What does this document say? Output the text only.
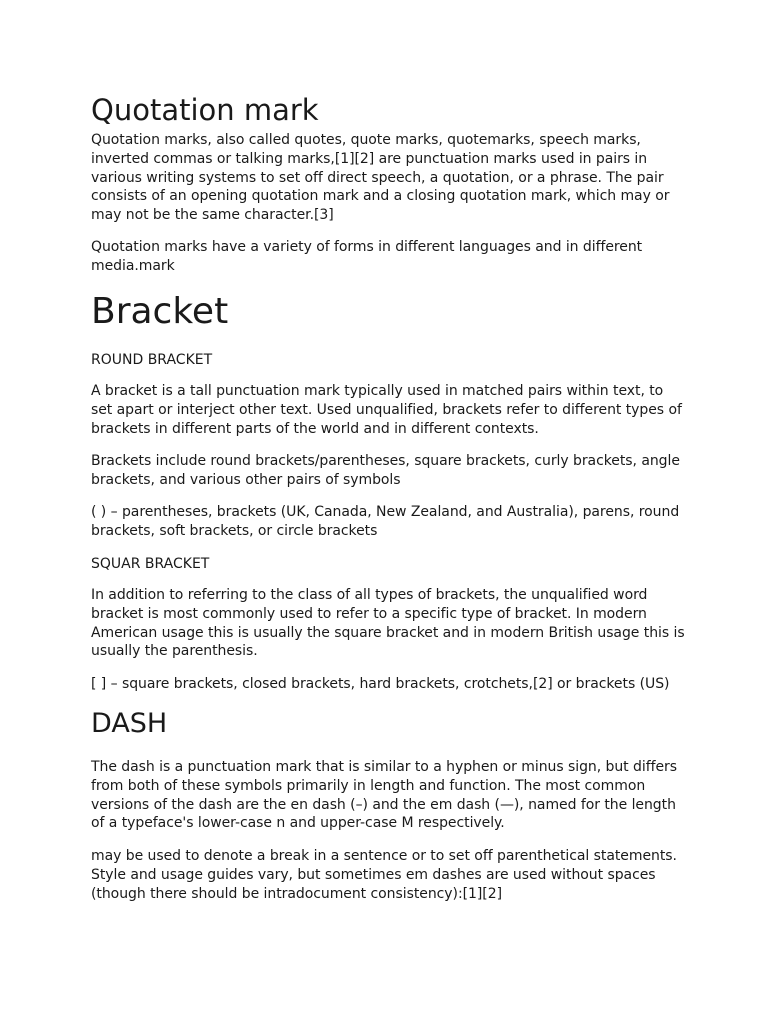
Quotation mark

Quotation marks, also called quotes, quote marks, quotemarks, speech marks, inverted commas or talking marks,[1][2] are punctuation marks used in pairs in various writing systems to set off direct speech, a quotation, or a phrase. The pair consists of an opening quotation mark and a closing quotation mark, which may or may not be the same character.[3]

Quotation marks have a variety of forms in different languages and in different media.mark

Bracket

ROUND BRACKET

A bracket is a tall punctuation mark typically used in matched pairs within text, to set apart or interject other text. Used unqualified, brackets refer to different types of brackets in different parts of the world and in different contexts.

Brackets include round brackets/parentheses, square brackets, curly brackets, angle brackets, and various other pairs of symbols

( ) – parentheses, brackets (UK, Canada, New Zealand, and Australia), parens, round brackets, soft brackets, or circle brackets

SQUAR BRACKET

In addition to referring to the class of all types of brackets, the unqualified word bracket is most commonly used to refer to a specific type of bracket. In modern American usage this is usually the square bracket and in modern British usage this is usually the parenthesis.

[ ] – square brackets, closed brackets, hard brackets, crotchets,[2] or brackets (US)

DASH

The dash is a punctuation mark that is similar to a hyphen or minus sign, but differs from both of these symbols primarily in length and function. The most common versions of the dash are the en dash (–) and the em dash (—), named for the length of a typeface's lower-case n and upper-case M respectively.

may be used to denote a break in a sentence or to set off parenthetical statements. Style and usage guides vary, but sometimes em dashes are used without spaces (though there should be intradocument consistency):[1][2]
